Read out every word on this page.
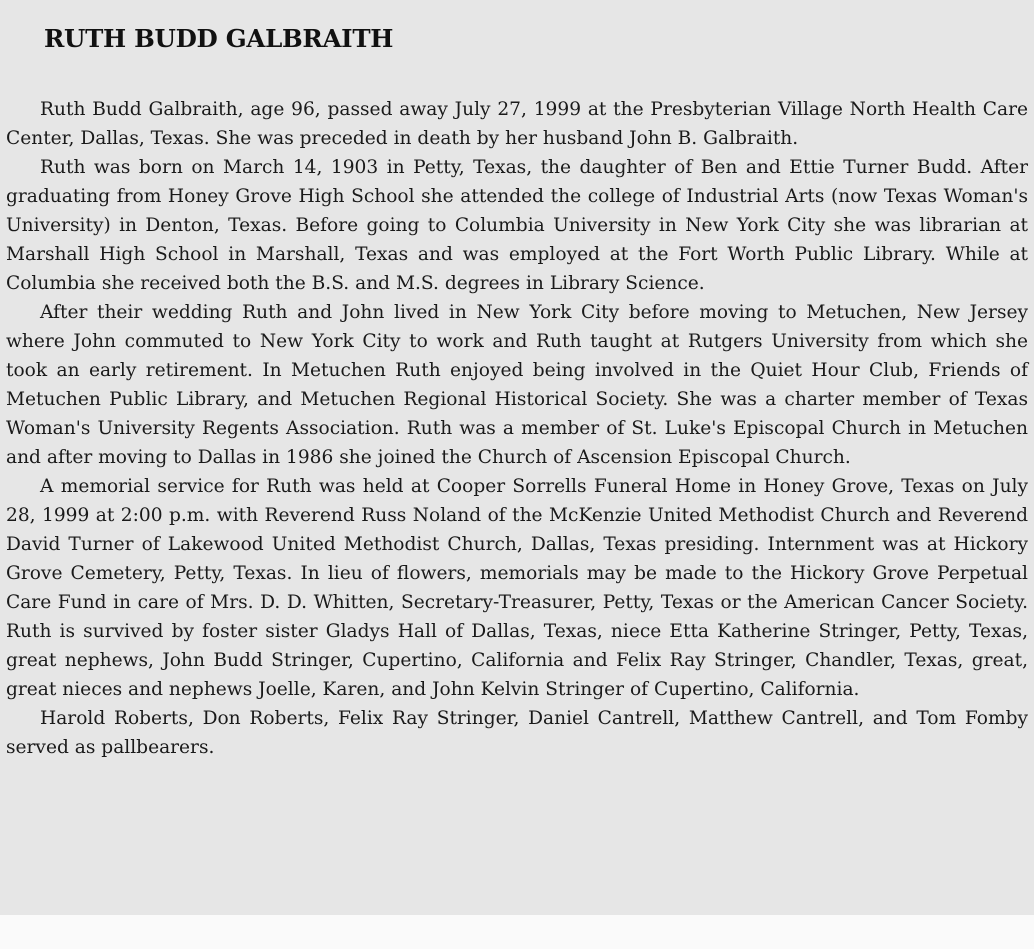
RUTH BUDD GALBRAITH

Ruth Budd Galbraith, age 96, passed away July 27, 1999 at the Presbyterian Village North Health Care Center, Dallas, Texas. She was preceded in death by her husband John B. Galbraith.

Ruth was born on March 14, 1903 in Petty, Texas, the daughter of Ben and Ettie Turner Budd. After graduating from Honey Grove High School she attended the college of Industrial Arts (now Texas Woman's University) in Denton, Texas. Before going to Columbia University in New York City she was librarian at Marshall High School in Marshall, Texas and was employed at the Fort Worth Public Library. While at Columbia she received both the B.S. and M.S. degrees in Library Science.

After their wedding Ruth and John lived in New York City before moving to Metuchen, New Jersey where John commuted to New York City to work and Ruth taught at Rutgers University from which she took an early retirement. In Metuchen Ruth enjoyed being involved in the Quiet Hour Club, Friends of Metuchen Public Library, and Metuchen Regional Historical Society. She was a charter member of Texas Woman's University Regents Association. Ruth was a member of St. Luke's Episcopal Church in Metuchen and after moving to Dallas in 1986 she joined the Church of Ascension Episcopal Church.

A memorial service for Ruth was held at Cooper Sorrells Funeral Home in Honey Grove, Texas on July 28, 1999 at 2:00 p.m. with Reverend Russ Noland of the McKenzie United Methodist Church and Reverend David Turner of Lakewood United Methodist Church, Dallas, Texas presiding. Internment was at Hickory Grove Cemetery, Petty, Texas. In lieu of flowers, memorials may be made to the Hickory Grove Perpetual Care Fund in care of Mrs. D. D. Whitten, Secretary-Treasurer, Petty, Texas or the American Cancer Society. Ruth is survived by foster sister Gladys Hall of Dallas, Texas, niece Etta Katherine Stringer, Petty, Texas, great nephews, John Budd Stringer, Cupertino, California and Felix Ray Stringer, Chandler, Texas, great, great nieces and nephews Joelle, Karen, and John Kelvin Stringer of Cupertino, California.

Harold Roberts, Don Roberts, Felix Ray Stringer, Daniel Cantrell, Matthew Cantrell, and Tom Fomby served as pallbearers.
